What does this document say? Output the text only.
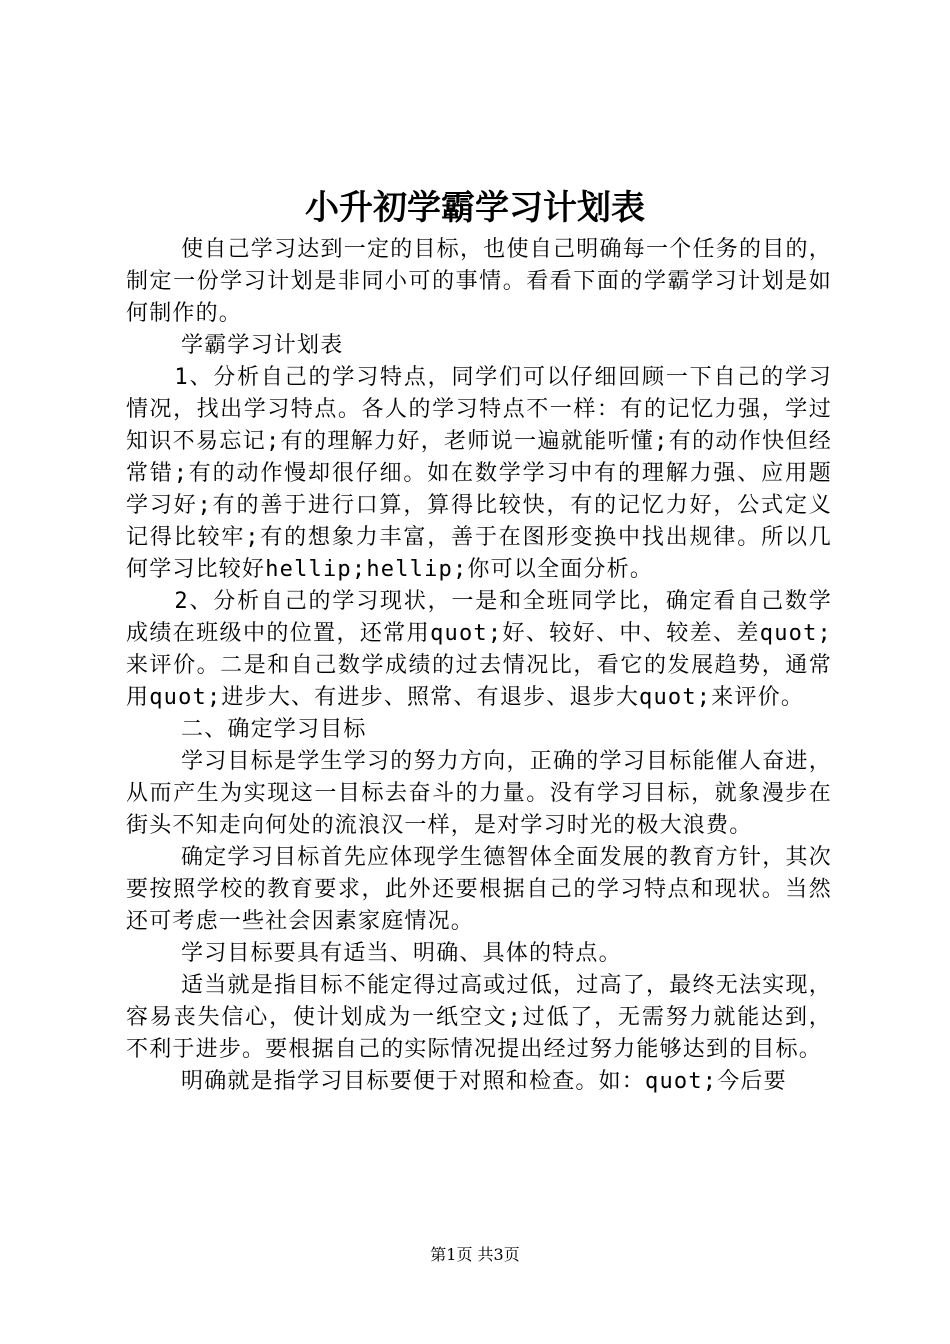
小升初学霸学习计划表

使自己学习达到一定的目标，也使自己明确每一个任务的目的，制定一份学习计划是非同小可的事情。看看下面的学霸学习计划是如何制作的。

学霸学习计划表

1、分析自己的学习特点，同学们可以仔细回顾一下自己的学习情况，找出学习特点。各人的学习特点不一样：有的记忆力强，学过知识不易忘记;有的理解力好，老师说一遍就能听懂;有的动作快但经常错;有的动作慢却很仔细。如在数学学习中有的理解力强、应用题学习好;有的善于进行口算，算得比较快，有的记忆力好，公式定义记得比较牢;有的想象力丰富，善于在图形变换中找出规律。所以几何学习比较好hellip;hellip;你可以全面分析。

2、分析自己的学习现状，一是和全班同学比，确定看自己数学成绩在班级中的位置，还常用quot;好、较好、中、较差、差quot;来评价。二是和自己数学成绩的过去情况比，看它的发展趋势，通常用quot;进步大、有进步、照常、有退步、退步大quot;来评价。

二、确定学习目标

学习目标是学生学习的努力方向，正确的学习目标能催人奋进，从而产生为实现这一目标去奋斗的力量。没有学习目标，就象漫步在街头不知走向何处的流浪汉一样，是对学习时光的极大浪费。

确定学习目标首先应体现学生德智体全面发展的教育方针，其次要按照学校的教育要求，此外还要根据自己的学习特点和现状。当然还可考虑一些社会因素家庭情况。

学习目标要具有适当、明确、具体的特点。

适当就是指目标不能定得过高或过低，过高了，最终无法实现，容易丧失信心，使计划成为一纸空文;过低了，无需努力就能达到，不利于进步。要根据自己的实际情况提出经过努力能够达到的目标。

明确就是指学习目标要便于对照和检查。如：quot;今后要

第1页 共3页
